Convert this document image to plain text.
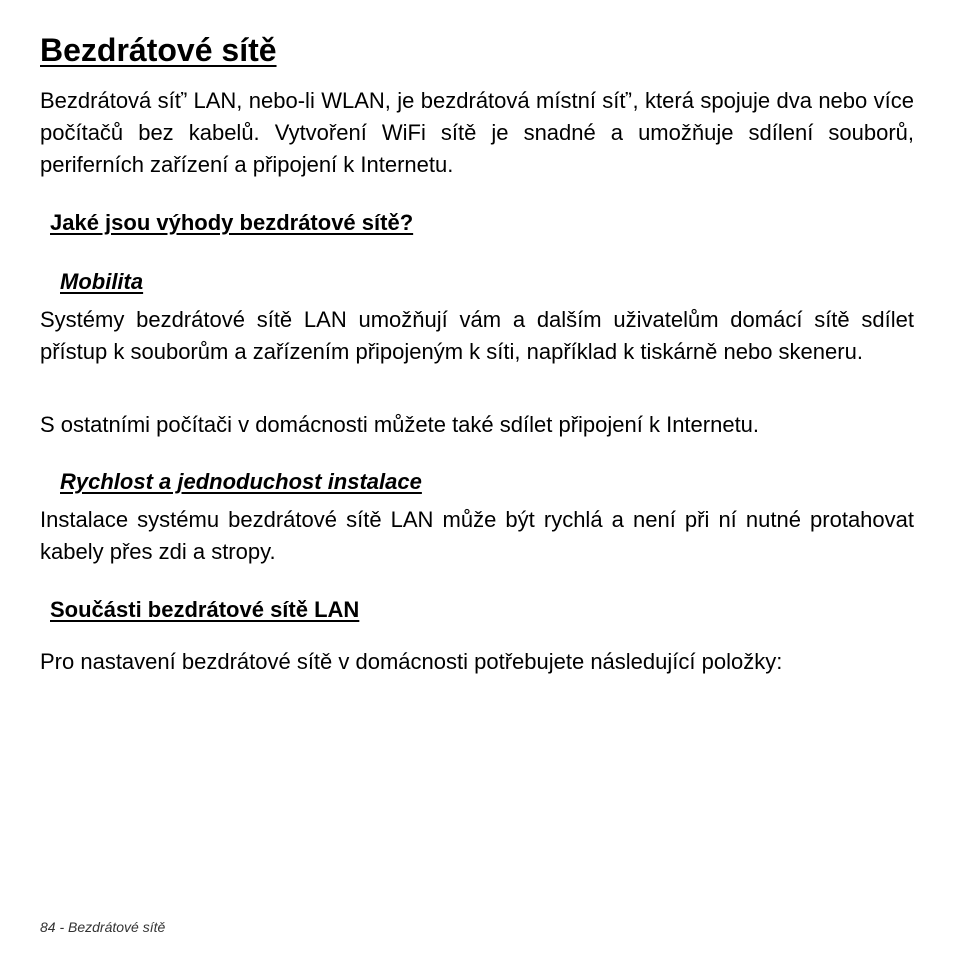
Bezdrátové sítě

Bezdrátová síť’ LAN, nebo-li WLAN, je bezdrátová místní síť’, která spojuje dva nebo více počítačů bez kabelů. Vytvoření WiFi sítě je snadné a umožňuje sdílení souborů, periferních zařízení a připojení k Internetu.

Jaké jsou výhody bezdrátové sítě?
Mobilita

Systémy bezdrátové sítě LAN umožňují vám a dalším uživatelům domácí sítě sdílet přístup k souborům a zařízením připojeným k síti, například k tiskárně nebo skeneru.

S ostatními počítači v domácnosti můžete také sdílet připojení k Internetu.

Rychlost a jednoduchost instalace

Instalace systému bezdrátové sítě LAN může být rychlá a není při ní nutné protahovat kabely přes zdi a stropy.

Součásti bezdrátové sítě LAN

Pro nastavení bezdrátové sítě v domácnosti potřebujete následující položky:

84 - Bezdrátové sítě
